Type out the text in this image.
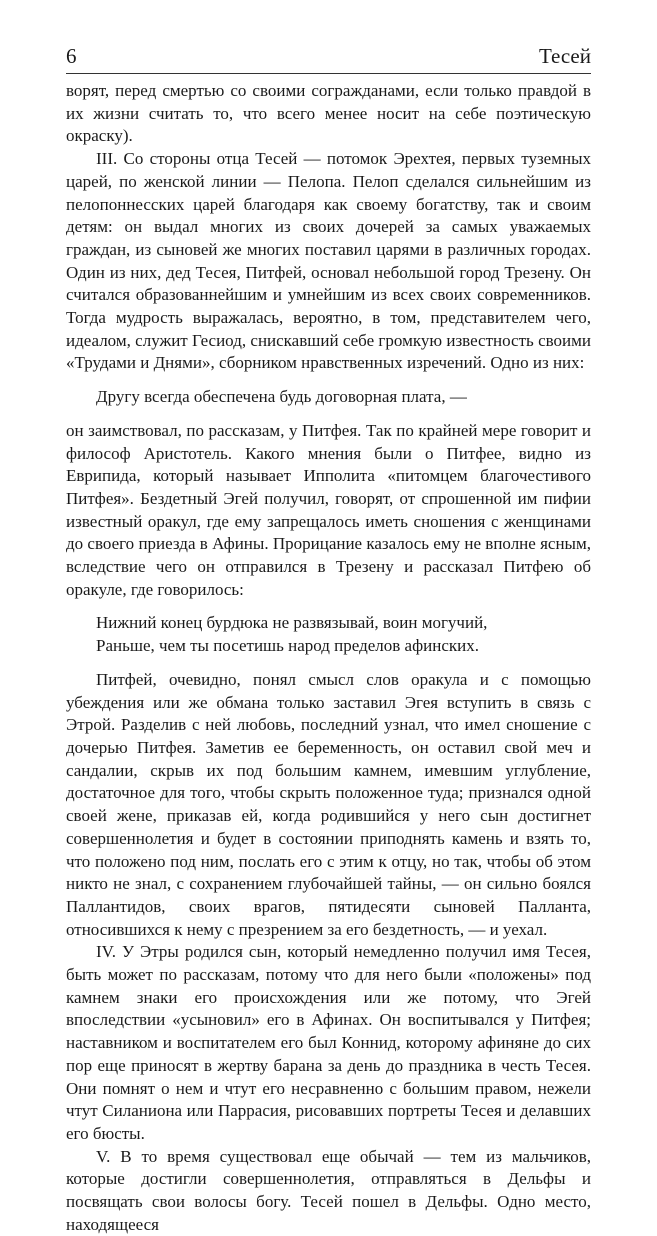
6	Тесей

ворят, перед смертью со своими согражданами, если только правдой в их жизни считать то, что всего менее носит на себе поэтическую окраску).

III. Со стороны отца Тесей — потомок Эрехтея, первых туземных царей, по женской линии — Пелопа. Пелоп сделался сильнейшим из пелопоннесских царей благодаря как своему богатству, так и своим детям: он выдал многих из своих дочерей за самых уважаемых граждан, из сыновей же многих поставил царями в различных городах. Один из них, дед Тесея, Питфей, основал небольшой город Трезену. Он считался образованнейшим и умнейшим из всех своих современников. Тогда мудрость выражалась, вероятно, в том, представителем чего, идеалом, служит Гесиод, снискавший себе громкую известность своими «Трудами и Днями», сборником нравственных изречений. Одно из них:

Другу всегда обеспечена будь договорная плата, —

он заимствовал, по рассказам, у Питфея. Так по крайней мере говорит и философ Аристотель. Какого мнения были о Питфее, видно из Еврипида, который называет Ипполита «питомцем благочестивого Питфея». Бездетный Эгей получил, говорят, от спрошенной им пифии известный оракул, где ему запрещалось иметь сношения с женщинами до своего приезда в Афины. Прорицание казалось ему не вполне ясным, вследствие чего он отправился в Трезену и рассказал Питфею об оракуле, где говорилось:

Нижний конец бурдюка не развязывай, воин могучий,
Раньше, чем ты посетишь народ пределов афинских.

Питфей, очевидно, понял смысл слов оракула и с помощью убеждения или же обмана только заставил Эгея вступить в связь с Этрой. Разделив с ней любовь, последний узнал, что имел сношение с дочерью Питфея. Заметив ее беременность, он оставил свой меч и сандалии, скрыв их под большим камнем, имевшим углубление, достаточное для того, чтобы скрыть положенное туда; признался одной своей жене, приказав ей, когда родившийся у него сын достигнет совершеннолетия и будет в состоянии приподнять камень и взять то, что положено под ним, послать его с этим к отцу, но так, чтобы об этом никто не знал, с сохранением глубочайшей тайны, — он сильно боялся Паллантидов, своих врагов, пятидесяти сыновей Палланта, относившихся к нему с презрением за его бездетность, — и уехал.

IV. У Этры родился сын, который немедленно получил имя Тесея, быть может по рассказам, потому что для него были «положены» под камнем знаки его происхождения или же потому, что Эгей впоследствии «усыновил» его в Афинах. Он воспитывался у Питфея; наставником и воспитателем его был Коннид, которому афиняне до сих пор еще приносят в жертву барана за день до праздника в честь Тесея. Они помнят о нем и чтут его несравненно с большим правом, нежели чтут Силаниона или Паррасия, рисовавших портреты Тесея и делавших его бюсты.

V. В то время существовал еще обычай — тем из мальчиков, которые достигли совершеннолетия, отправляться в Дельфы и посвящать свои волосы богу. Тесей пошел в Дельфы. Одно место, находящееся
